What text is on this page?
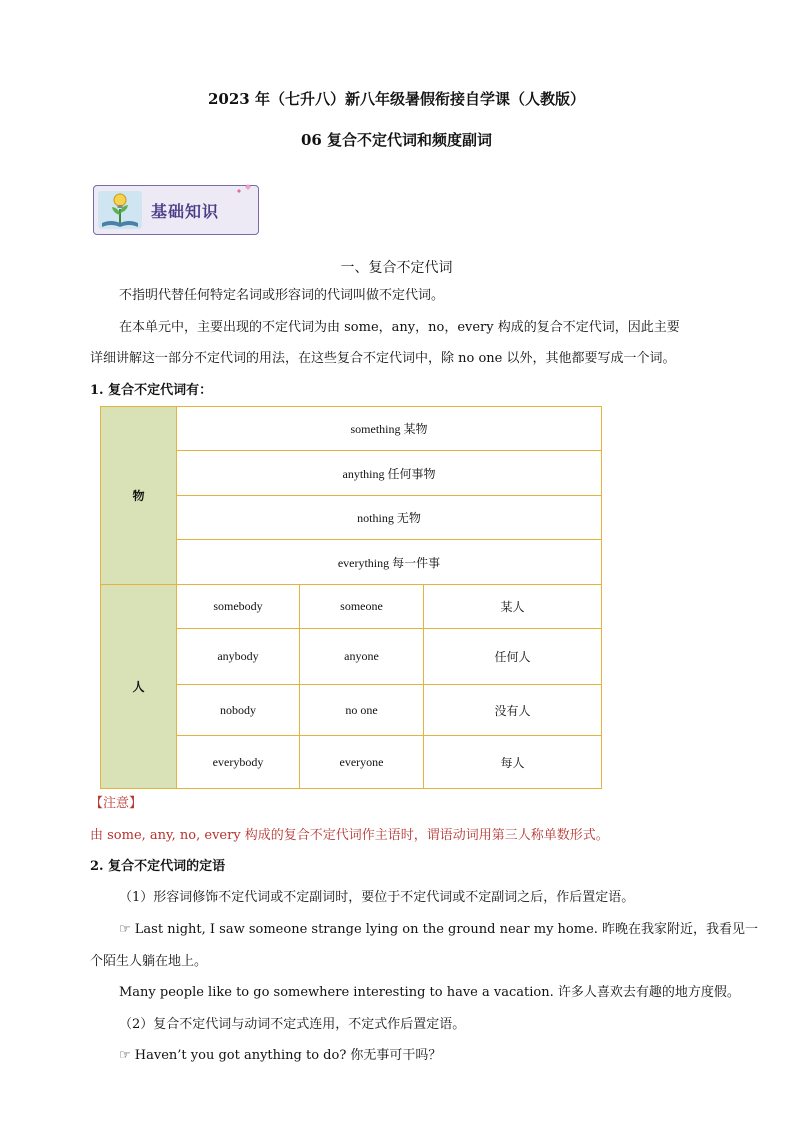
2023 年（七升八）新八年级暑假衔接自学课（人教版）
06 复合不定代词和频度副词
基础知识
一、复合不定代词
不指明代替任何特定名词或形容词的代词叫做不定代词。
在本单元中，主要出现的不定代词为由 some，any，no，every 构成的复合不定代词，因此主要
详细讲解这一部分不定代词的用法，在这些复合不定代词中，除 no one 以外，其他都要写成一个词。
1. 复合不定代词有：
物	something 某物		
	anything 任何事物		
	nothing 无物		
	everything 每一件事		
人	somebody	someone	某人
	anybody	anyone	任何人
	nobody	no one	没有人
	everybody	everyone	每人
【注意】
由 some, any, no, every 构成的复合不定代词作主语时，谓语动词用第三人称单数形式。
2. 复合不定代词的定语
（1）形容词修饰不定代词或不定副词时，要位于不定代词或不定副词之后，作后置定语。
☞ Last night, I saw someone strange lying on the ground near my home. 昨晚在我家附近，我看见一
个陌生人躺在地上。
Many people like to go somewhere interesting to have a vacation. 许多人喜欢去有趣的地方度假。
（2）复合不定代词与动词不定式连用，不定式作后置定语。
☞ Haven’t you got anything to do? 你无事可干吗？
